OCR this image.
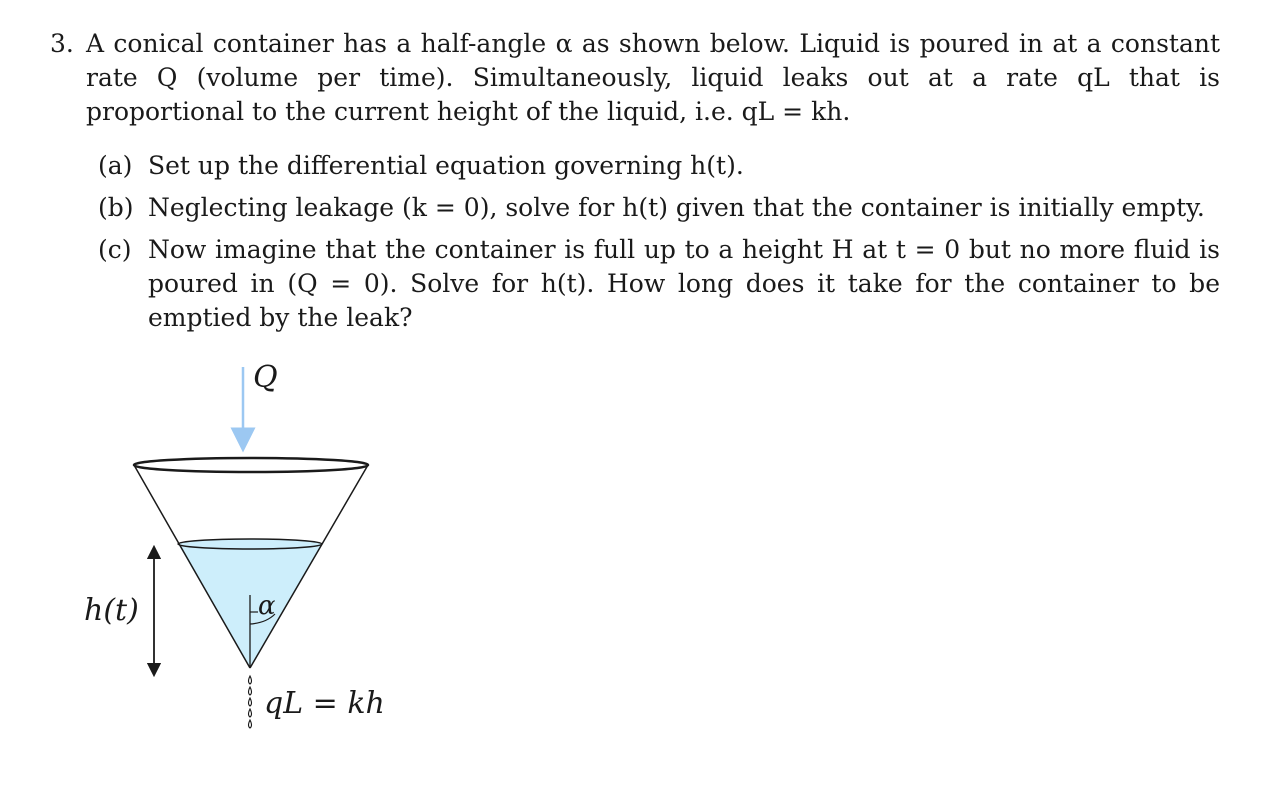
3. A conical container has a half-angle α as shown below. Liquid is poured in at a constant rate Q (volume per time). Simultaneously, liquid leaks out at a rate qL that is proportional to the current height of the liquid, i.e. qL = kh.
(a) Set up the differential equation governing h(t).
(b) Neglecting leakage (k = 0), solve for h(t) given that the container is initially empty.
(c) Now imagine that the container is full up to a height H at t = 0 but no more fluid is poured in (Q = 0). Solve for h(t). How long does it take for the container to be emptied by the leak?
Q
α
h(t)
qL = kh
